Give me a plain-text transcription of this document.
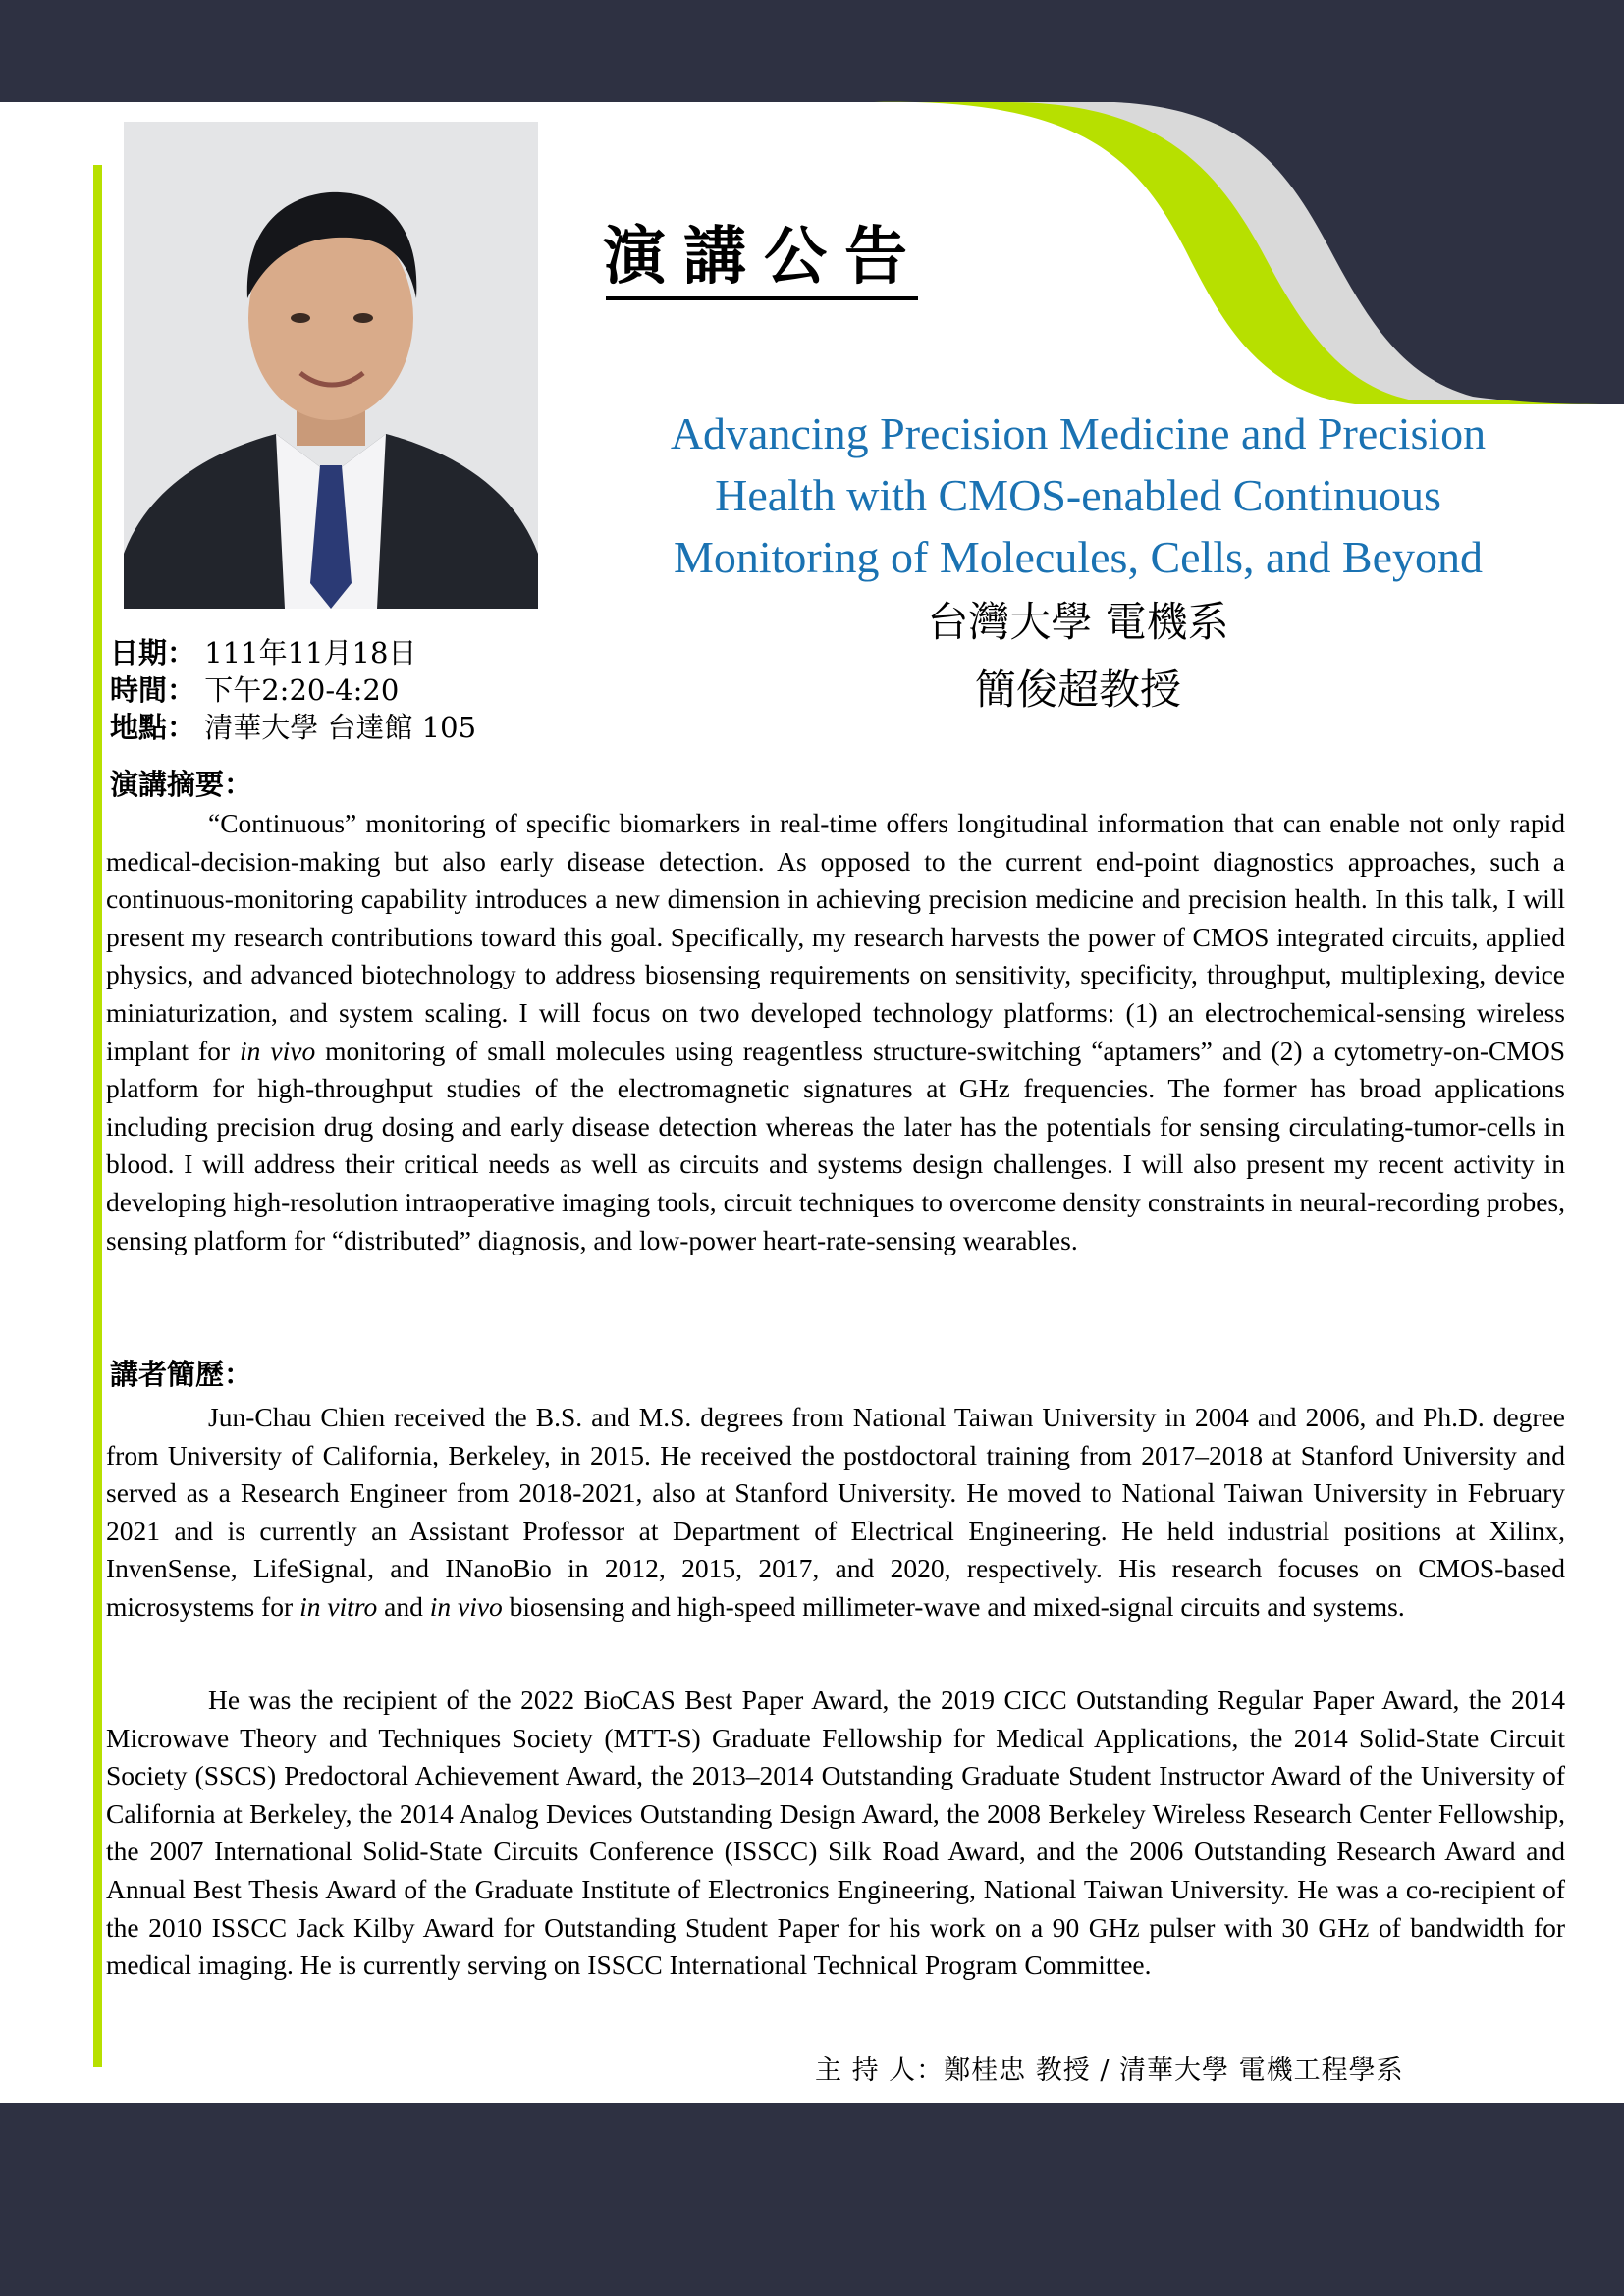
演講公告
Advancing Precision Medicine and Precision Health with CMOS-enabled Continuous Monitoring of Molecules, Cells, and Beyond
台灣大學 電機系
簡俊超教授
日期： 111年11月18日
時間： 下午2:20-4:20
地點： 清華大學 台達館 105
演講摘要：

“Continuous” monitoring of specific biomarkers in real-time offers longitudinal information that can enable not only rapid medical-decision-making but also early disease detection. As opposed to the current end-point diagnostics approaches, such a continuous-monitoring capability introduces a new dimension in achieving precision medicine and precision health. In this talk, I will present my research contributions toward this goal. Specifically, my research harvests the power of CMOS integrated circuits, applied physics, and advanced biotechnology to address biosensing requirements on sensitivity, specificity, throughput, multiplexing, device miniaturization, and system scaling. I will focus on two developed technology platforms: (1) an electrochemical-sensing wireless implant for in vivo monitoring of small molecules using reagentless structure-switching “aptamers” and (2) a cytometry-on-CMOS platform for high-throughput studies of the electromagnetic signatures at GHz frequencies. The former has broad applications including precision drug dosing and early disease detection whereas the later has the potentials for sensing circulating-tumor-cells in blood. I will address their critical needs as well as circuits and systems design challenges. I will also present my recent activity in developing high-resolution intraoperative imaging tools, circuit techniques to overcome density constraints in neural-recording probes, sensing platform for “distributed” diagnosis, and low-power heart-rate-sensing wearables.

講者簡歷：

Jun-Chau Chien received the B.S. and M.S. degrees from National Taiwan University in 2004 and 2006, and Ph.D. degree from University of California, Berkeley, in 2015. He received the postdoctoral training from 2017–2018 at Stanford University and served as a Research Engineer from 2018-2021, also at Stanford University. He moved to National Taiwan University in February 2021 and is currently an Assistant Professor at Department of Electrical Engineering. He held industrial positions at Xilinx, InvenSense, LifeSignal, and INanoBio in 2012, 2015, 2017, and 2020, respectively. His research focuses on CMOS-based microsystems for in vitro and in vivo biosensing and high-speed millimeter-wave and mixed-signal circuits and systems.

He was the recipient of the 2022 BioCAS Best Paper Award, the 2019 CICC Outstanding Regular Paper Award, the 2014 Microwave Theory and Techniques Society (MTT-S) Graduate Fellowship for Medical Applications, the 2014 Solid-State Circuit Society (SSCS) Predoctoral Achievement Award, the 2013–2014 Outstanding Graduate Student Instructor Award of the University of California at Berkeley, the 2014 Analog Devices Outstanding Design Award, the 2008 Berkeley Wireless Research Center Fellowship, the 2007 International Solid-State Circuits Conference (ISSCC) Silk Road Award, and the 2006 Outstanding Research Award and Annual Best Thesis Award of the Graduate Institute of Electronics Engineering, National Taiwan University. He was a co-recipient of the 2010 ISSCC Jack Kilby Award for Outstanding Student Paper for his work on a 90 GHz pulser with 30 GHz of bandwidth for medical imaging. He is currently serving on ISSCC International Technical Program Committee.

主 持 人：鄭桂忠 教授 / 清華大學 電機工程學系
